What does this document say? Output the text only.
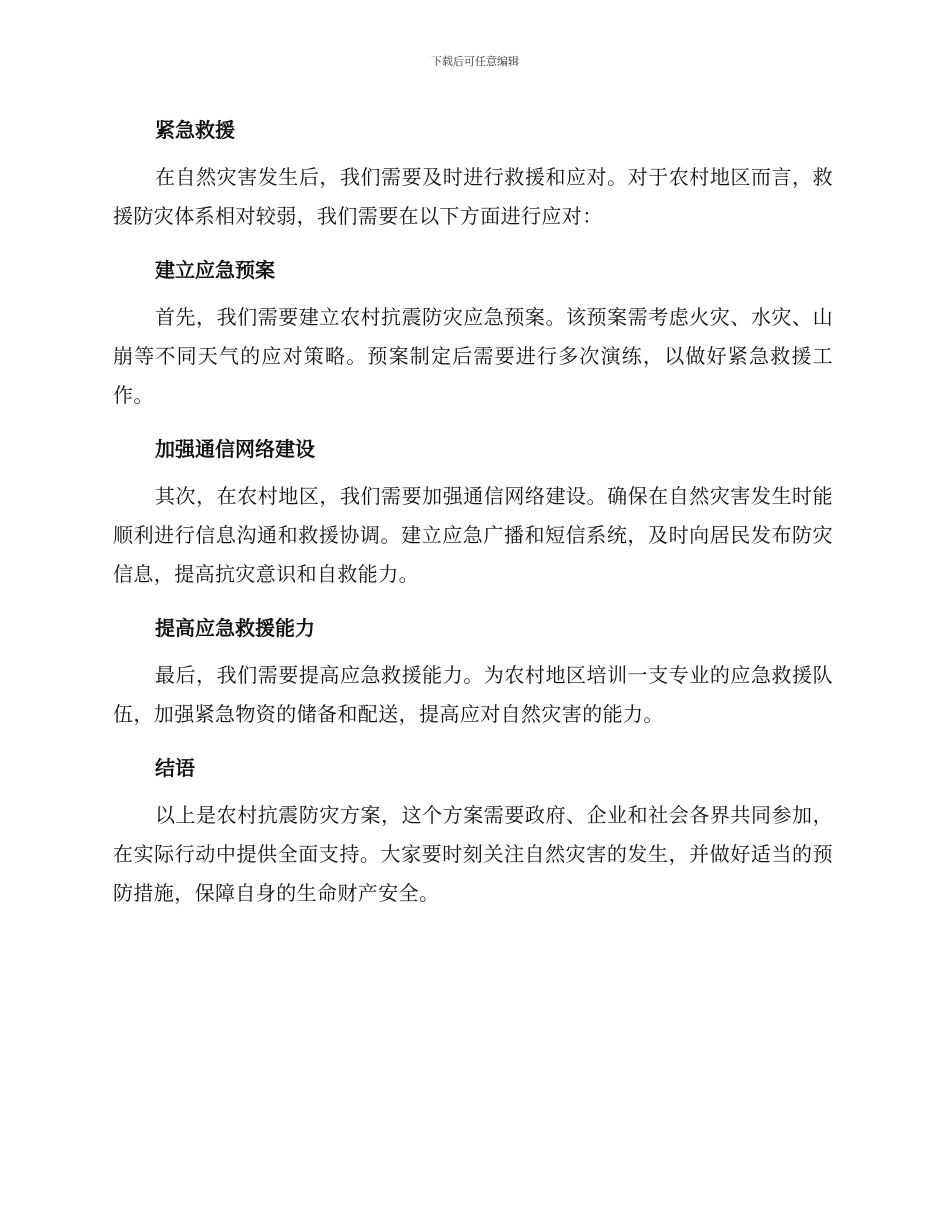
下载后可任意编辑
紧急救援

在自然灾害发生后，我们需要及时进行救援和应对。对于农村地区而言，救援防灾体系相对较弱，我们需要在以下方面进行应对：

建立应急预案

首先，我们需要建立农村抗震防灾应急预案。该预案需考虑火灾、水灾、山崩等不同天气的应对策略。预案制定后需要进行多次演练，以做好紧急救援工作。

加强通信网络建设

其次，在农村地区，我们需要加强通信网络建设。确保在自然灾害发生时能顺利进行信息沟通和救援协调。建立应急广播和短信系统，及时向居民发布防灾信息，提高抗灾意识和自救能力。

提高应急救援能力

最后，我们需要提高应急救援能力。为农村地区培训一支专业的应急救援队伍，加强紧急物资的储备和配送，提高应对自然灾害的能力。

结语

以上是农村抗震防灾方案，这个方案需要政府、企业和社会各界共同参加，在实际行动中提供全面支持。大家要时刻关注自然灾害的发生，并做好适当的预防措施，保障自身的生命财产安全。
